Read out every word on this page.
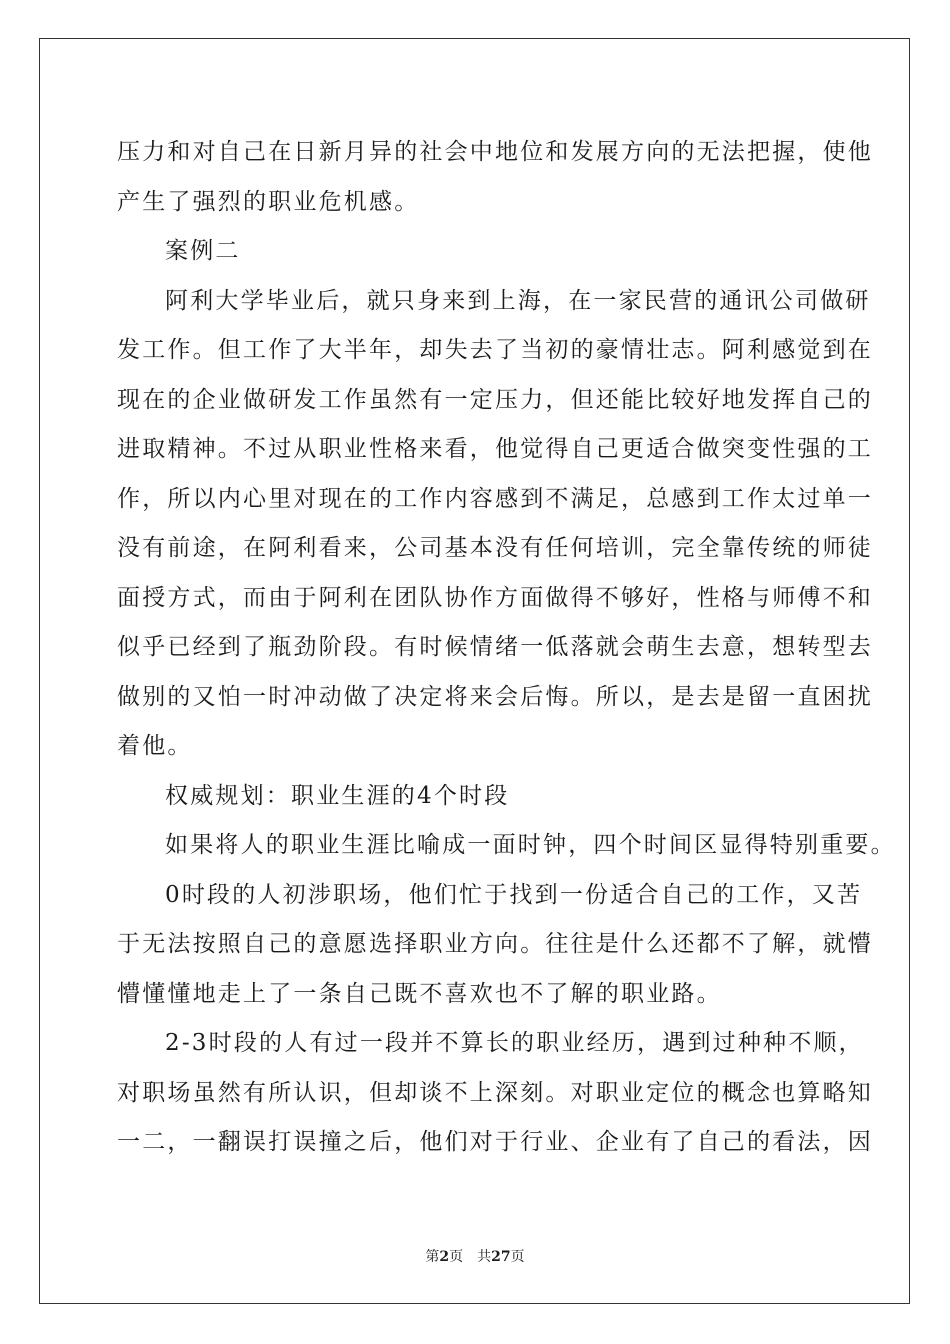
压力和对自己在日新月异的社会中地位和发展方向的无法把握，使他
产生了强烈的职业危机感。
案例二
阿利大学毕业后，就只身来到上海，在一家民营的通讯公司做研
发工作。但工作了大半年，却失去了当初的豪情壮志。阿利感觉到在
现在的企业做研发工作虽然有一定压力，但还能比较好地发挥自己的
进取精神。不过从职业性格来看，他觉得自己更适合做突变性强的工
作，所以内心里对现在的工作内容感到不满足，总感到工作太过单一
没有前途，在阿利看来，公司基本没有任何培训，完全靠传统的师徒
面授方式，而由于阿利在团队协作方面做得不够好，性格与师傅不和
似乎已经到了瓶劲阶段。有时候情绪一低落就会萌生去意，想转型去
做别的又怕一时冲动做了决定将来会后悔。所以，是去是留一直困扰
着他。
权威规划：职业生涯的4个时段
如果将人的职业生涯比喻成一面时钟，四个时间区显得特别重要。
0时段的人初涉职场，他们忙于找到一份适合自己的工作，又苦
于无法按照自己的意愿选择职业方向。往往是什么还都不了解，就懵
懵懂懂地走上了一条自己既不喜欢也不了解的职业路。
2-3时段的人有过一段并不算长的职业经历，遇到过种种不顺，
对职场虽然有所认识，但却谈不上深刻。对职业定位的概念也算略知
一二，一翻误打误撞之后，他们对于行业、企业有了自己的看法，因
第2页 共27页
